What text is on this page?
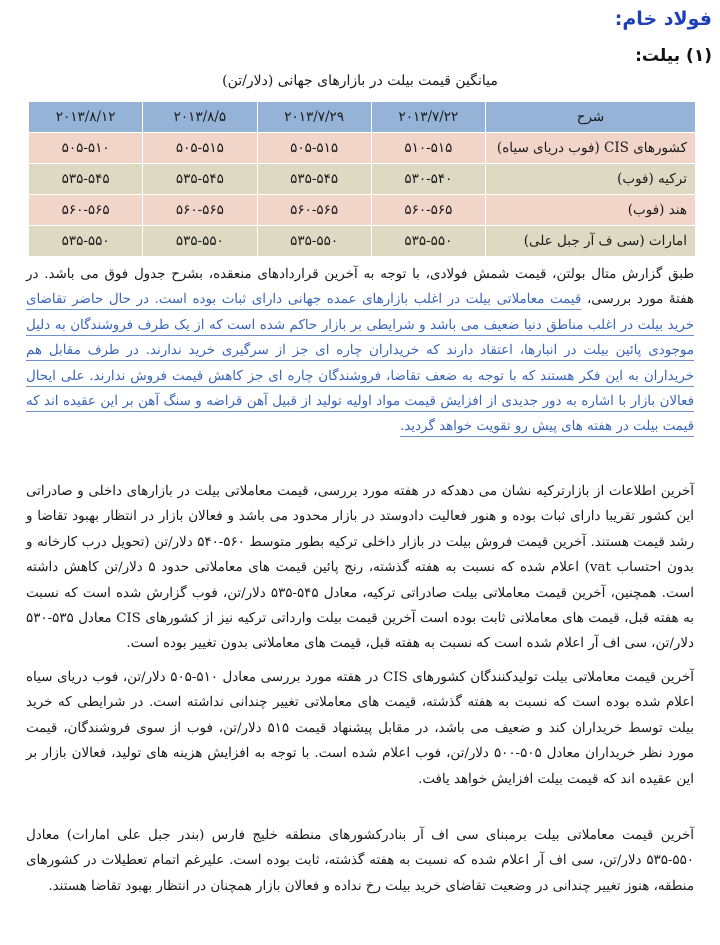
فولاد خام:
(۱) بیلت:
میانگین قیمت بیلت در بازارهای جهانی (دلار/تن)
شرح	۲۰۱۳/۷/۲۲	۲۰۱۳/۷/۲۹	۲۰۱۳/۸/۵	۲۰۱۳/۸/۱۲
کشورهای CIS (فوب دریای سیاه)	۵۱۰-۵۱۵	۵۰۵-۵۱۵	۵۰۵-۵۱۵	۵۰۵-۵۱۰
ترکیه (فوب)	۵۳۰-۵۴۰	۵۳۵-۵۴۵	۵۳۵-۵۴۵	۵۳۵-۵۴۵
هند (فوب)	۵۶۰-۵۶۵	۵۶۰-۵۶۵	۵۶۰-۵۶۵	۵۶۰-۵۶۵
امارات (سی ف آر جبل علی)	۵۳۵-۵۵۰	۵۳۵-۵۵۰	۵۳۵-۵۵۰	۵۳۵-۵۵۰
طبق گزارش متال بولتن، قیمت شمش فولادی، با توجه به آخرین قراردادهای منعقده، بشرح جدول فوق می باشد. در هفتهٔ مورد بررسی، قیمت معاملاتی بیلت در اغلب بازارهای عمده جهانی دارای ثبات بوده است. در حال حاضر تقاضای خرید بیلت در اغلب مناطق دنیا ضعیف می باشد و شرایطی بر بازار حاکم شده است که از یک طرف فروشندگان به دلیل موجودی پائین بیلت در انبارها، اعتقاد دارند که خریداران چاره ای جز از سرگیری خرید ندارند. در طرف مقابل هم خریداران به این فکر هستند که با توجه به ضعف تقاضا، فروشندگان چاره ای جز کاهش قیمت فروش ندارند. علی ایحال فعالان بازار با اشاره به دور جدیدی از افزایش قیمت مواد اولیه تولید از قبیل آهن قراضه و سنگ آهن بر این عقیده اند که قیمت بیلت در هفته های پیش رو تقویت خواهد گردید.
آخرین اطلاعات از بازارترکیه نشان می دهدکه در هفته مورد بررسی، قیمت معاملاتی بیلت در بازارهای داخلی و صادراتی این کشور تقریبا دارای ثبات بوده و هنور فعالیت دادوستد در بازار محدود می باشد و فعالان بازار در انتظار بهبود تقاضا و رشد قیمت هستند. آخرین قیمت فروش بیلت در بازار داخلی ترکیه بطور متوسط ۵۶۰-۵۴۰ دلار/تن (تحویل درب کارخانه و بدون احتساب vat) اعلام شده که نسبت به هفته گذشته، رنج پائین قیمت های معاملاتی حدود ۵ دلار/تن کاهش داشته است. همچنین، آخرین قیمت معاملاتی بیلت صادراتی ترکیه، معادل ۵۴۵-۵۳۵ دلار/تن، فوب گزارش شده است که نسبت به هفته قبل، قیمت های معاملاتی ثابت بوده است آخرین قیمت بیلت وارداتی ترکیه نیز از کشورهای CIS معادل ۵۳۵-۵۳۰ دلار/تن، سی اف آر اعلام شده است که نسبت به هفته قبل، قیمت های معاملاتی بدون تغییر بوده است.
آخرین قیمت معاملاتی بیلت تولیدکنندگان کشورهای CIS در هفته مورد بررسی معادل ۵۱۰-۵۰۵ دلار/تن، فوب دریای سیاه اعلام شده بوده است که نسبت به هفته گذشته، قیمت های معاملاتی تغییر چندانی نداشته است. در شرایطی که خرید بیلت توسط خریداران کند و ضعیف می باشد، در مقابل پیشنهاد قیمت ۵۱۵ دلار/تن، فوب از سوی فروشندگان، قیمت مورد نظر خریداران معادل ۵۰۵-۵۰۰ دلار/تن، فوب اعلام شده است. با توجه به افزایش هزینه های تولید، فعالان بازار بر این عقیده اند که قیمت بیلت افزایش خواهد یافت.
آخرین قیمت معاملاتی بیلت برمبنای سی اف آر بنادرکشورهای منطقه خلیج فارس (بندر جبل علی امارات) معادل ۵۵۰-۵۳۵ دلار/تن، سی اف آر اعلام شده که نسبت به هفته گذشته، ثابت بوده است. علیرغم اتمام تعطیلات در کشورهای منطقه، هنوز تغییر چندانی در وضعیت تقاضای خرید بیلت رخ نداده و فعالان بازار همچنان در انتظار بهبود تقاضا هستند.
